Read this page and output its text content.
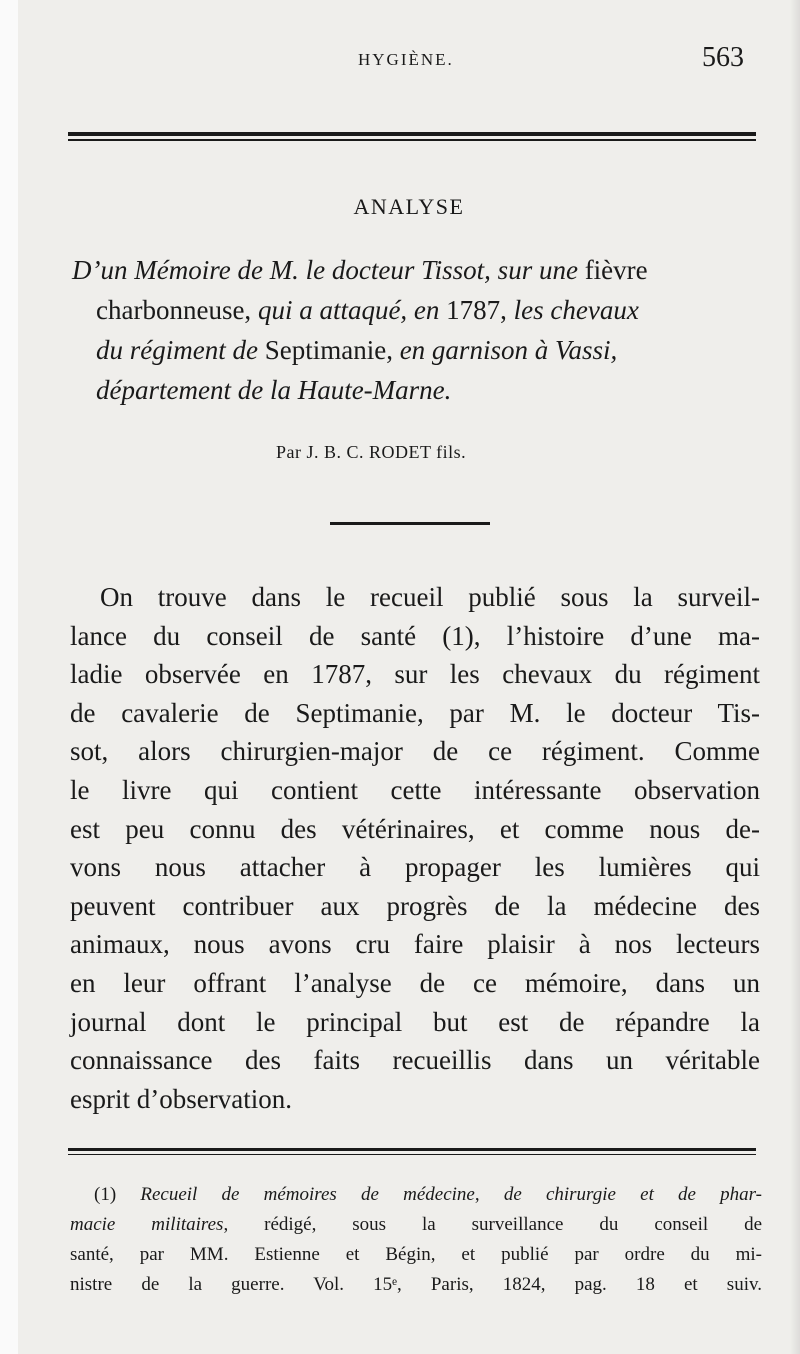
HYGIÈNE.	563
ANALYSE
D’un Mémoire de M. le docteur Tissot, sur une fièvre
charbonneuse, qui a attaqué, en 1787, les chevaux
du régiment de Septimanie, en garnison à Vassi,
département de la Haute-Marne.
Par J. B. C. RODET fils.
On trouve dans le recueil publié sous la surveil-
lance du conseil de santé (1), l’histoire d’une ma-
ladie observée en 1787, sur les chevaux du régiment
de cavalerie de Septimanie, par M. le docteur Tis-
sot, alors chirurgien-major de ce régiment. Comme
le livre qui contient cette intéressante observation
est peu connu des vétérinaires, et comme nous de-
vons nous attacher à propager les lumières qui
peuvent contribuer aux progrès de la médecine des
animaux, nous avons cru faire plaisir à nos lecteurs
en leur offrant l’analyse de ce mémoire, dans un
journal dont le principal but est de répandre la
connaissance des faits recueillis dans un véritable
esprit d’observation.
(1) Recueil de mémoires de médecine, de chirurgie et de phar-
macie militaires, rédigé, sous la surveillance du conseil de
santé, par MM. Estienne et Bégin, et publié par ordre du mi-
nistre de la guerre. Vol. 15ᵉ, Paris, 1824, pag. 18 et suiv.
